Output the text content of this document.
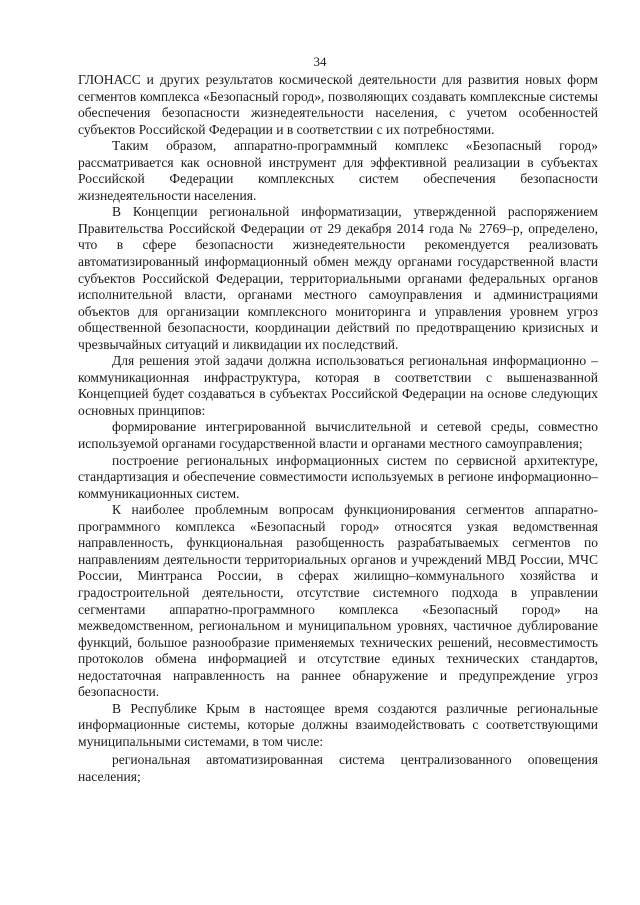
34

ГЛОНАСС и других результатов космической деятельности для развития новых форм сегментов комплекса «Безопасный город», позволяющих создавать комплексные системы обеспечения безопасности жизнедеятельности населения, с учетом особенностей субъектов Российской Федерации и в соответствии с их потребностями.

Таким образом, аппаратно-программный комплекс «Безопасный город» рассматривается как основной инструмент для эффективной реализации в субъектах Российской Федерации комплексных систем обеспечения безопасности жизнедеятельности населения.

В Концепции региональной информатизации, утвержденной распоряжением Правительства Российской Федерации от 29 декабря 2014 года № 2769–р, определено, что в сфере безопасности жизнедеятельности рекомендуется реализовать автоматизированный информационный обмен между органами государственной власти субъектов Российской Федерации, территориальными органами федеральных органов исполнительной власти, органами местного самоуправления и администрациями объектов для организации комплексного мониторинга и управления уровнем угроз общественной безопасности, координации действий по предотвращению кризисных и чрезвычайных ситуаций и ликвидации их последствий.

Для решения этой задачи должна использоваться региональная информационно – коммуникационная инфраструктура, которая в соответствии с вышеназванной Концепцией будет создаваться в субъектах Российской Федерации на основе следующих основных принципов:

формирование интегрированной вычислительной и сетевой среды, совместно используемой органами государственной власти и органами местного самоуправления;

построение региональных информационных систем по сервисной архитектуре, стандартизация и обеспечение совместимости используемых в регионе информационно–коммуникационных систем.

К наиболее проблемным вопросам функционирования сегментов аппаратно-программного комплекса «Безопасный город» относятся узкая ведомственная направленность, функциональная разобщенность разрабатываемых сегментов по направлениям деятельности территориальных органов и учреждений МВД России, МЧС России, Минтранса России, в сферах жилищно–коммунального хозяйства и градостроительной деятельности, отсутствие системного подхода в управлении сегментами аппаратно-программного комплекса «Безопасный город» на межведомственном, региональном и муниципальном уровнях, частичное дублирование функций, большое разнообразие применяемых технических решений, несовместимость протоколов обмена информацией и отсутствие единых технических стандартов, недостаточная направленность на раннее обнаружение и предупреждение угроз безопасности.

В Республике Крым в настоящее время создаются различные региональные информационные системы, которые должны взаимодействовать с соответствующими муниципальными системами, в том числе:

региональная автоматизированная система централизованного оповещения населения;
